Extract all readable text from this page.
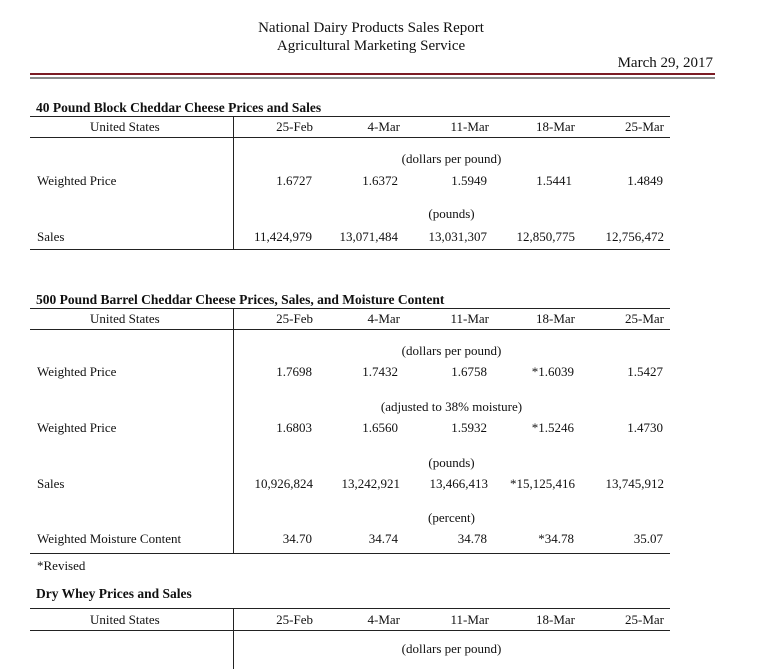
National Dairy Products Sales Report
Agricultural Marketing Service
March 29, 2017
40 Pound Block Cheddar Cheese Prices and Sales
United States	25-Feb	4-Mar	11-Mar	18-Mar	25-Mar
(dollars per pound)
Weighted Price	1.6727	1.6372	1.5949	1.5441	1.4849
(pounds)
Sales	11,424,979 13,071,484 13,031,307 12,850,775 12,756,472
500 Pound Barrel Cheddar Cheese Prices, Sales, and Moisture Content
United States	25-Feb	4-Mar	11-Mar	18-Mar	25-Mar
(dollars per pound)
Weighted Price	1.7698	1.7432	1.6758	*1.6039	1.5427
(adjusted to 38% moisture)
Weighted Price	1.6803	1.6560	1.5932	*1.5246	1.4730
(pounds)
Sales	10,926,824 13,242,921 13,466,413 *15,125,416 13,745,912
(percent)
Weighted Moisture Content	34.70	34.74	34.78	*34.78	35.07
*Revised
Dry Whey Prices and Sales
United States	25-Feb	4-Mar	11-Mar	18-Mar	25-Mar
(dollars per pound)
